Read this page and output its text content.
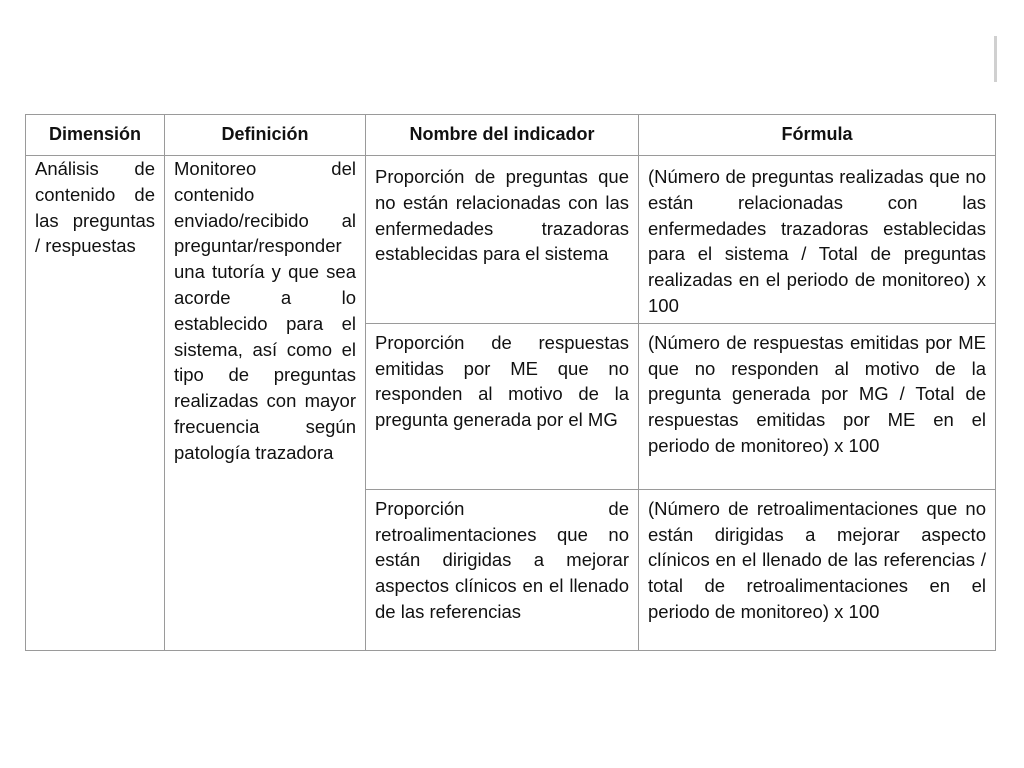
Dimensión	Definición	Nombre del indicador	Fórmula
Análisis de contenido de las preguntas / respuestas	Monitoreo del contenido enviado/recibido al preguntar/responder una tutoría y que sea acorde a lo establecido para el sistema, así como el tipo de preguntas realizadas con mayor frecuencia según patología trazadora	Proporción de preguntas que no están relacionadas con las enfermedades trazadoras establecidas para el sistema	(Número de preguntas realizadas que no están relacionadas con las enfermedades trazadoras establecidas para el sistema / Total de preguntas realizadas en el periodo de monitoreo) x 100
		Proporción de respuestas emitidas por ME que no responden al motivo de la pregunta generada por el MG	(Número de respuestas emitidas por ME que no responden al motivo de la pregunta generada por MG / Total de respuestas emitidas por ME en el periodo de monitoreo) x 100
		Proporción de retroalimentaciones que no están dirigidas a mejorar aspectos clínicos en el llenado de las referencias	(Número de retroalimentaciones que no están dirigidas a mejorar aspecto clínicos en el llenado de las referencias / total de retroalimentaciones en el periodo de monitoreo) x 100
